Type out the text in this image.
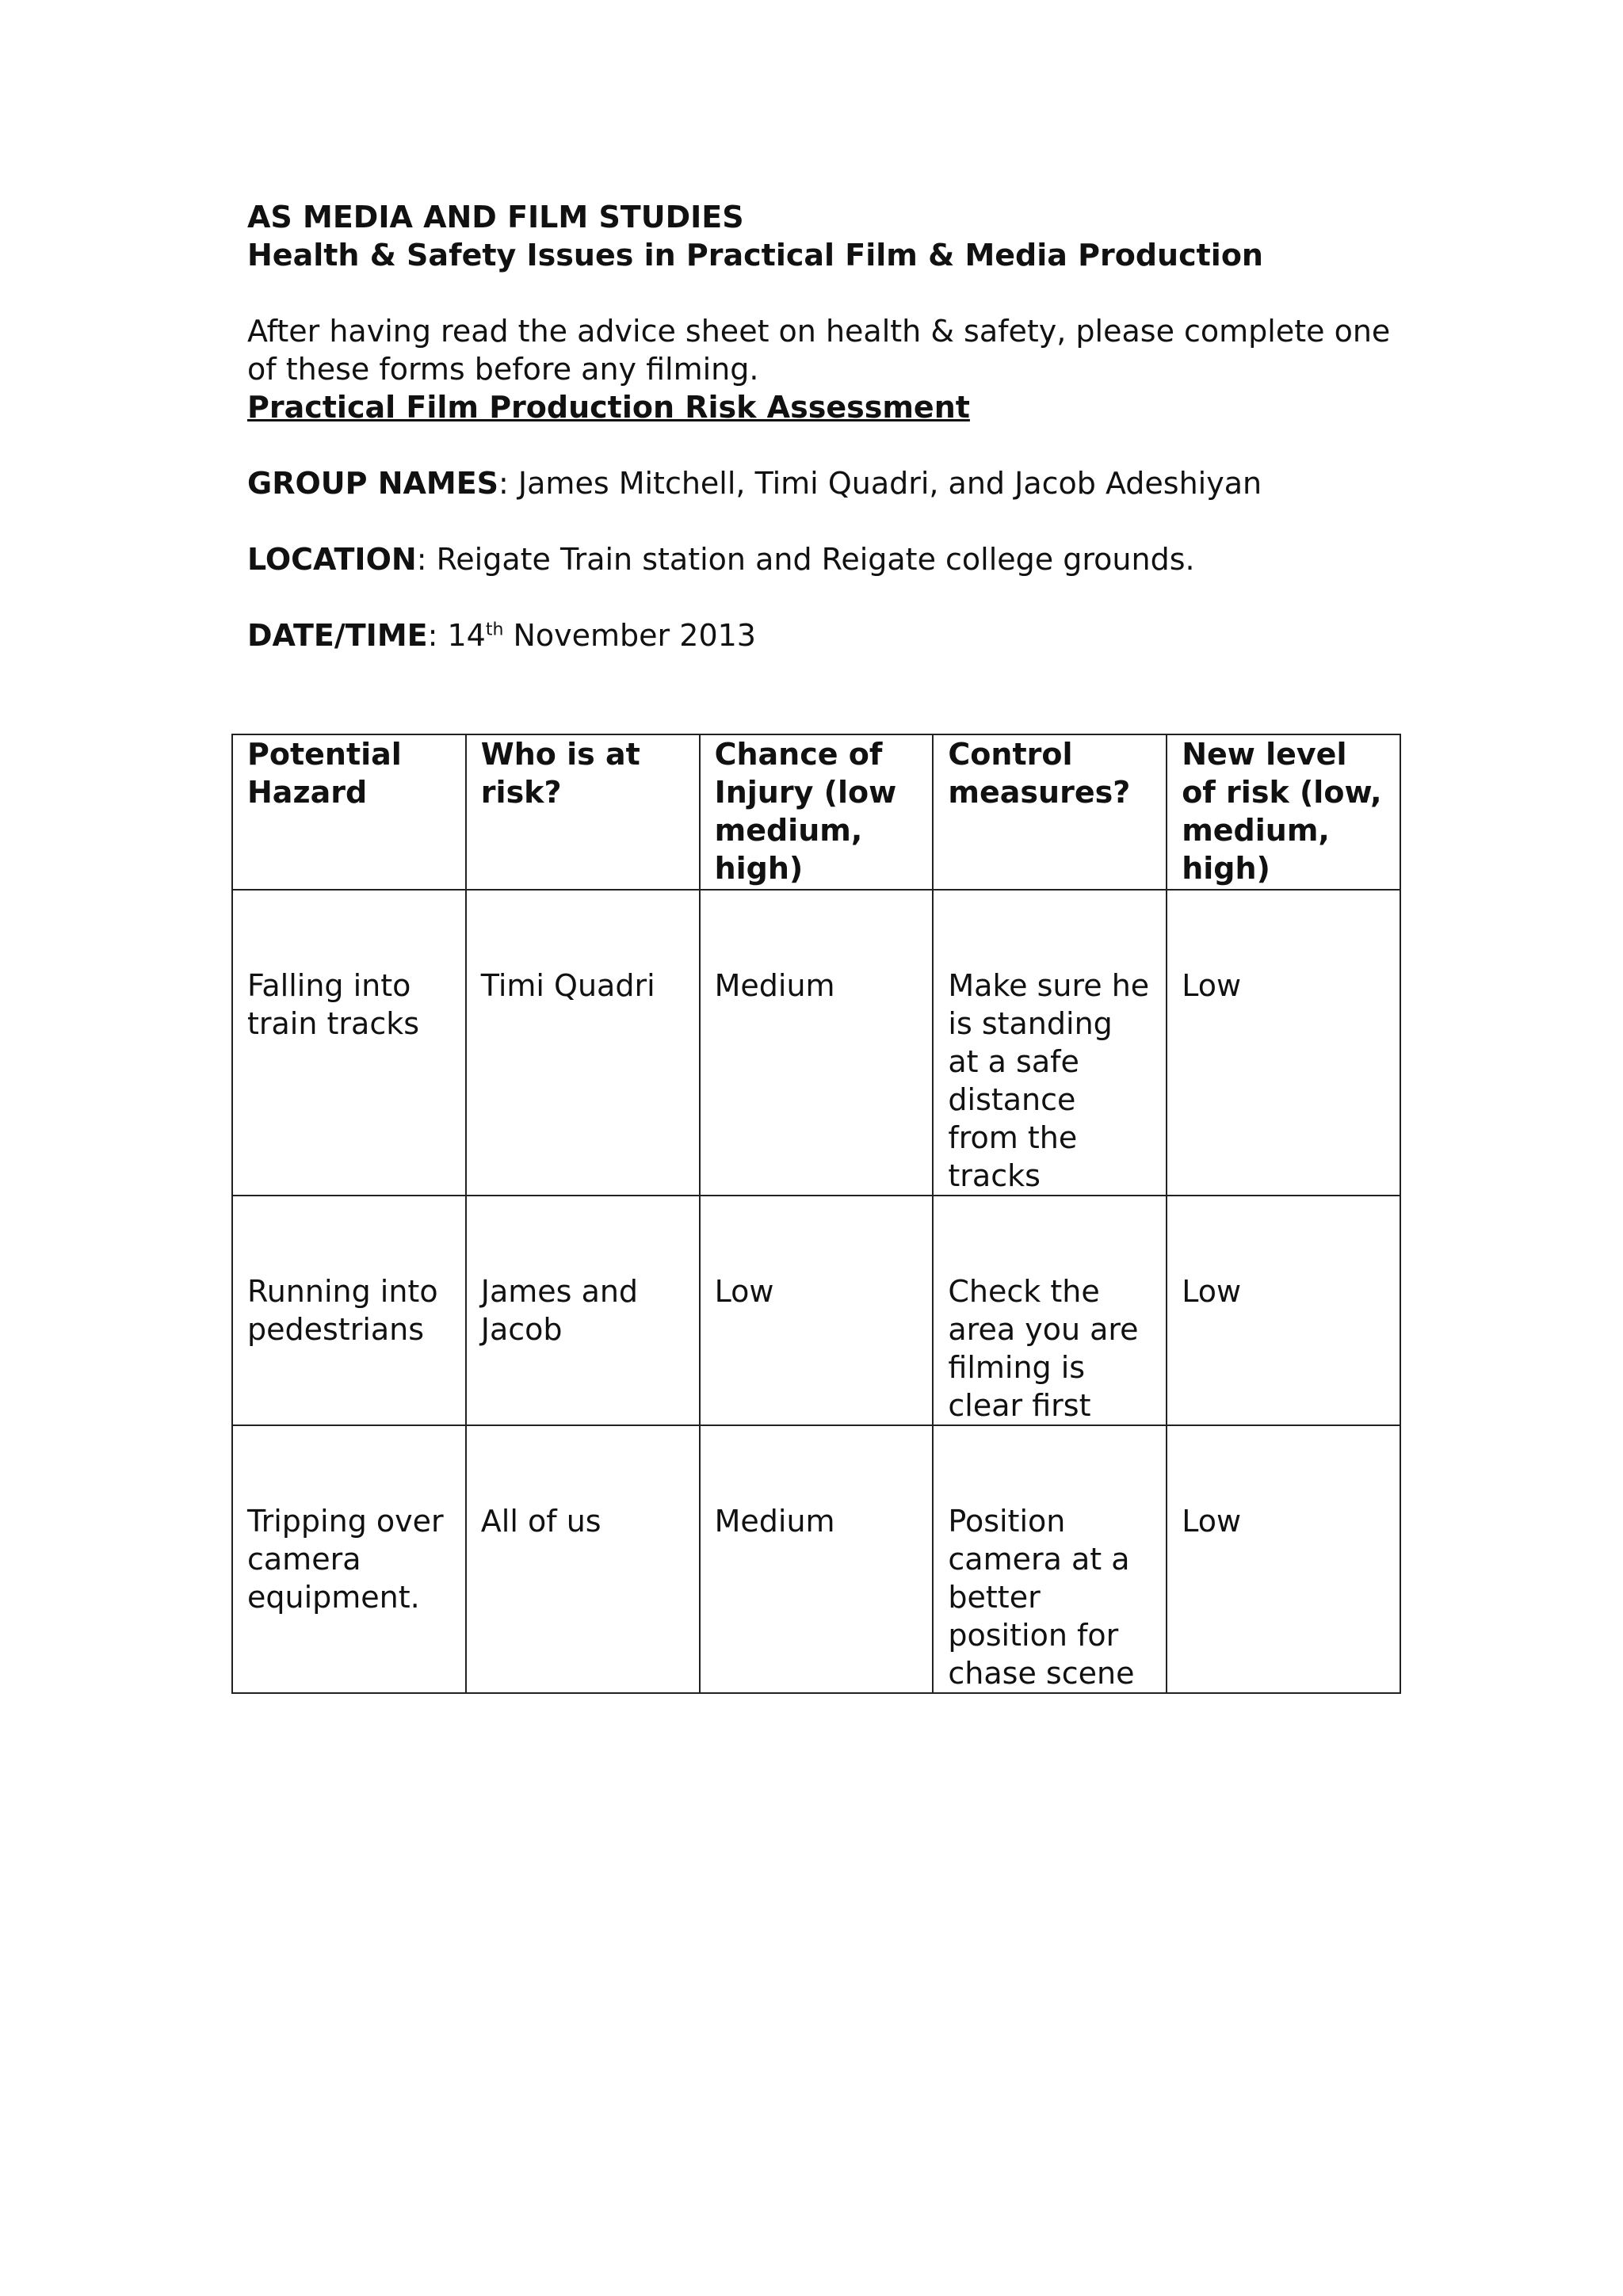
AS MEDIA AND FILM STUDIES
Health & Safety Issues in Practical Film & Media Production
After having read the advice sheet on health & safety, please complete one
of these forms before any filming.
Practical Film Production Risk Assessment
GROUP NAMES: James Mitchell, Timi Quadri, and Jacob Adeshiyan
LOCATION: Reigate Train station and Reigate college grounds.
DATE/TIME: 14th November 2013
Potential Hazard	Who is at risk?	Chance of Injury (low medium, high)	Control measures?	New level of risk (low, medium, high)
Falling into train tracks	Timi Quadri	Medium	Make sure he is standing at a safe distance from the tracks	Low
Running into pedestrians	James and Jacob	Low	Check the area you are filming is clear first	Low
Tripping over camera equipment.	All of us	Medium	Position camera at a better position for chase scene	Low
